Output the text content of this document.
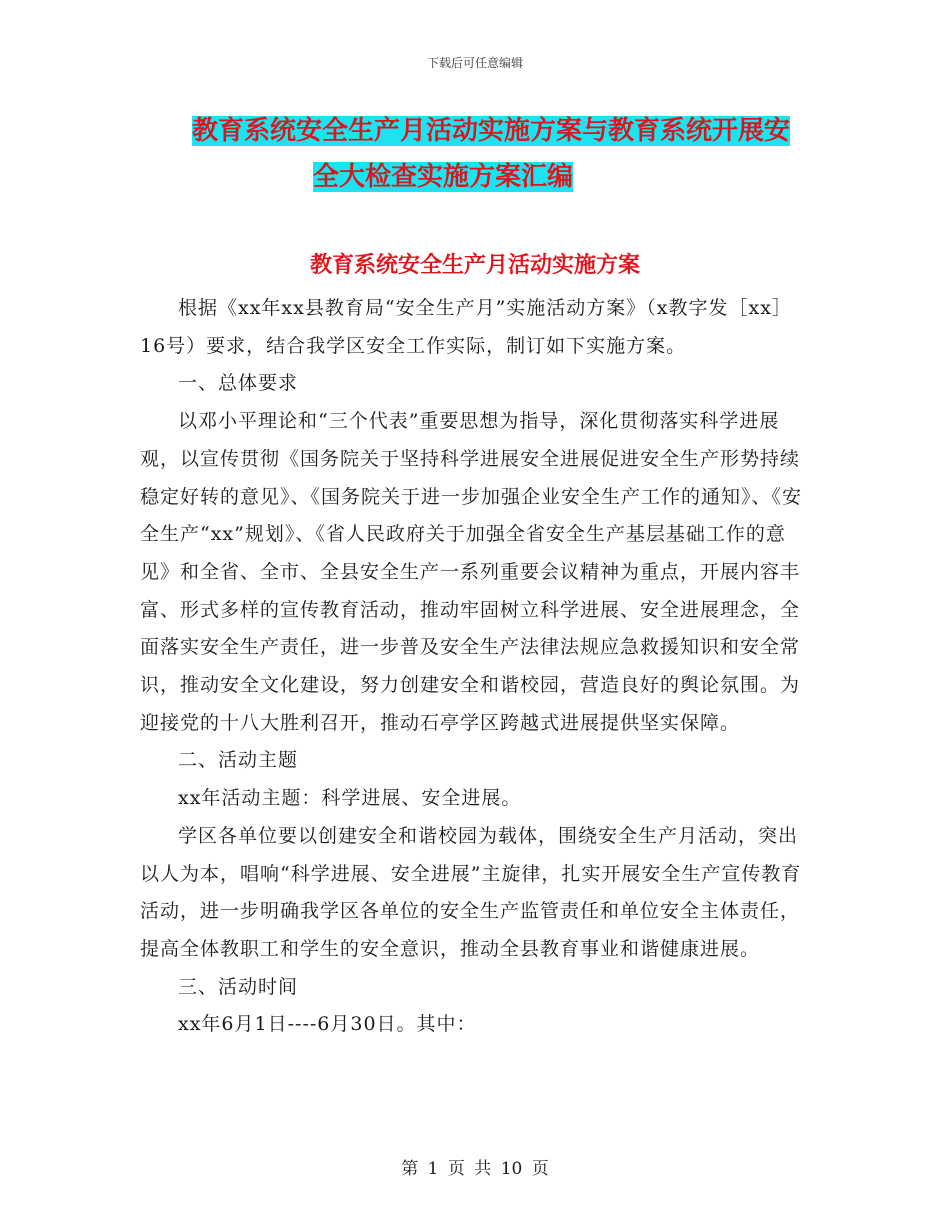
下载后可任意编辑
教育系统安全生产月活动实施方案与教育系统开展安
全大检查实施方案汇编
教育系统安全生产月活动实施方案

根据《xx年xx县教育局“安全生产月”实施活动方案》（x教字发［xx］16号）要求，结合我学区安全工作实际，制订如下实施方案。

一、总体要求

以邓小平理论和“三个代表”重要思想为指导，深化贯彻落实科学进展观，以宣传贯彻《国务院关于坚持科学进展安全进展促进安全生产形势持续稳定好转的意见》、《国务院关于进一步加强企业安全生产工作的通知》、《安全生产“xx”规划》、《省人民政府关于加强全省安全生产基层基础工作的意见》和全省、全市、全县安全生产一系列重要会议精神为重点，开展内容丰富、形式多样的宣传教育活动，推动牢固树立科学进展、安全进展理念，全面落实安全生产责任，进一步普及安全生产法律法规应急救援知识和安全常识，推动安全文化建设，努力创建安全和谐校园，营造良好的舆论氛围。为迎接党的十八大胜利召开，推动石亭学区跨越式进展提供坚实保障。

二、活动主题

xx年活动主题：科学进展、安全进展。

学区各单位要以创建安全和谐校园为载体，围绕安全生产月活动，突出以人为本，唱响“科学进展、安全进展”主旋律，扎实开展安全生产宣传教育活动，进一步明确我学区各单位的安全生产监管责任和单位安全主体责任，提高全体教职工和学生的安全意识，推动全县教育事业和谐健康进展。

三、活动时间

xx年6月1日----6月30日。其中：

第 1 页 共 10 页
